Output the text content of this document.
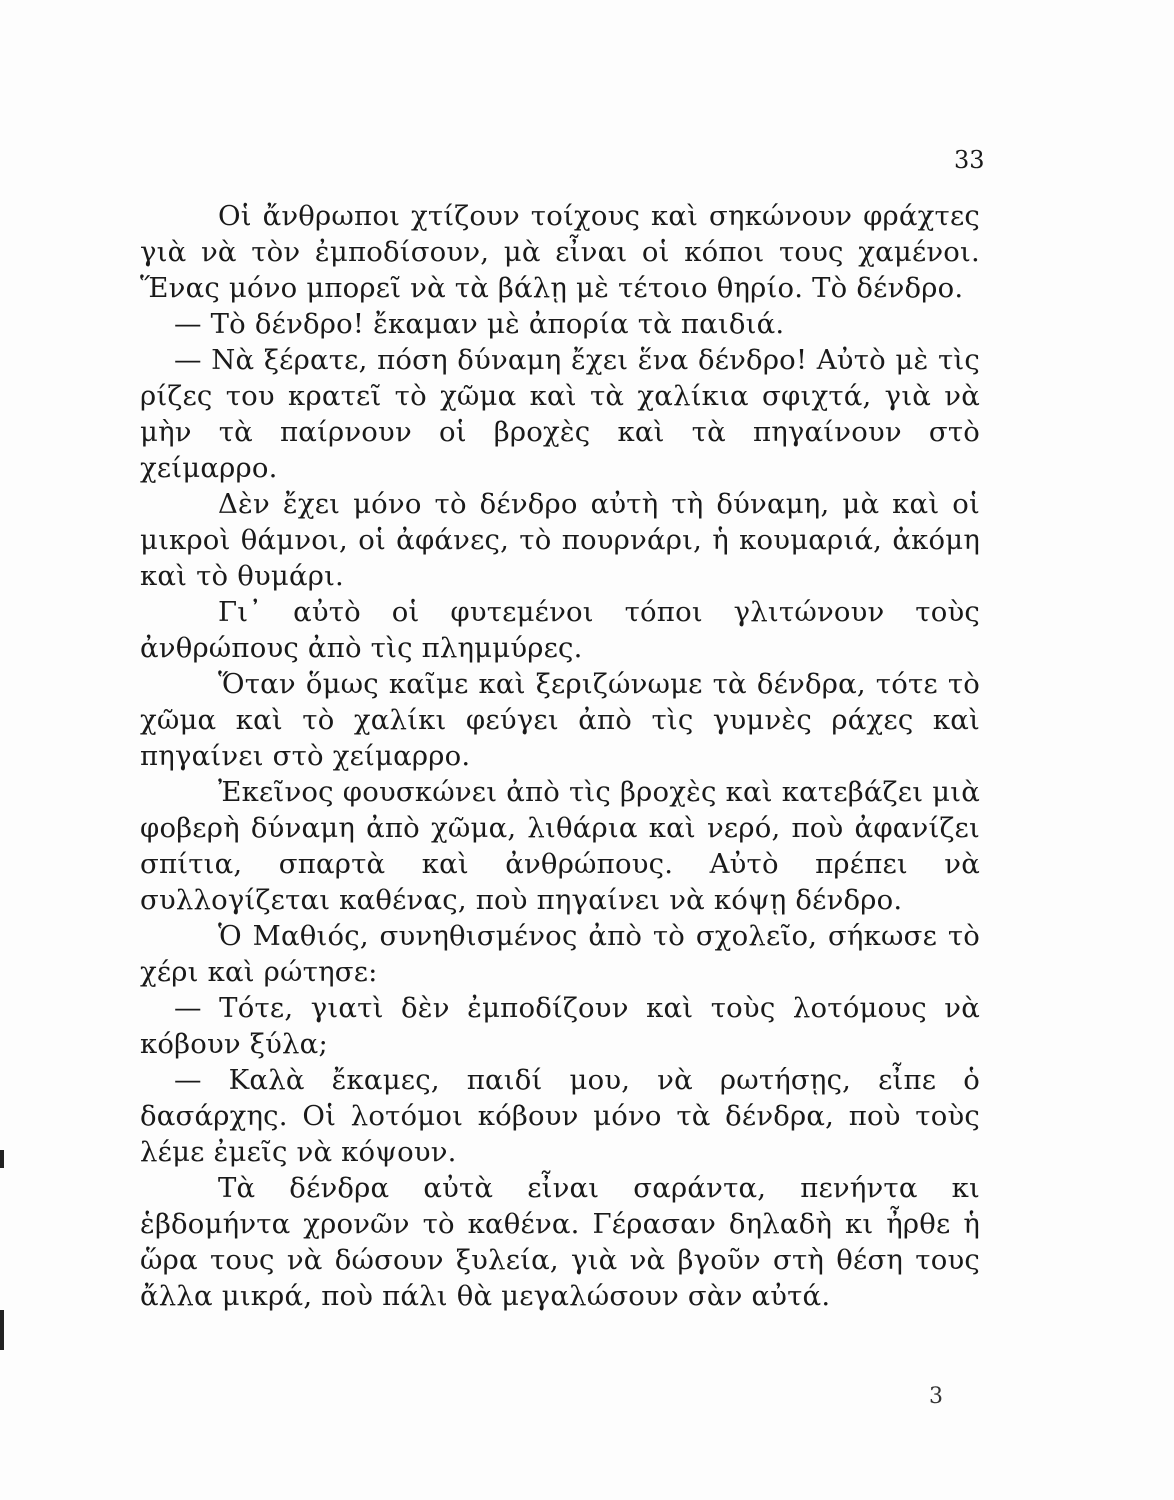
33

Οἱ ἄνθρωποι χτίζουν τοίχους καὶ σηκώνουν φράχτες γιὰ νὰ τὸν ἐμποδίσουν, μὰ εἶναι οἱ κόποι τους χαμένοι. Ἕνας μόνο μπορεῖ νὰ τὰ βάλῃ μὲ τέτοιο θηρίο. Τὸ δένδρο.

— Τὸ δένδρο! ἔκαμαν μὲ ἀπορία τὰ παιδιά.

— Νὰ ξέρατε, πόση δύναμη ἔχει ἕνα δένδρο! Αὐτὸ μὲ τὶς ρίζες του κρατεῖ τὸ χῶμα καὶ τὰ χαλίκια σφιχτά, γιὰ νὰ μὴν τὰ παίρνουν οἱ βροχὲς καὶ τὰ πηγαίνουν στὸ χείμαρρο.

Δὲν ἔχει μόνο τὸ δένδρο αὐτὴ τὴ δύναμη, μὰ καὶ οἱ μικροὶ θάμνοι, οἱ ἀφάνες, τὸ πουρνάρι, ἡ κουμαριά, ἀκόμη καὶ τὸ θυμάρι.

Γι᾿ αὐτὸ οἱ φυτεμένοι τόποι γλιτώνουν τοὺς ἀνθρώπους ἀπὸ τὶς πλημμύρες.

Ὅταν ὅμως καῖμε καὶ ξεριζώνωμε τὰ δένδρα, τότε τὸ χῶμα καὶ τὸ χαλίκι φεύγει ἀπὸ τὶς γυμνὲς ράχες καὶ πηγαίνει στὸ χείμαρρο.

Ἐκεῖνος φουσκώνει ἀπὸ τὶς βροχὲς καὶ κατεβάζει μιὰ φοβερὴ δύναμη ἀπὸ χῶμα, λιθάρια καὶ νερό, ποὺ ἀφανίζει σπίτια, σπαρτὰ καὶ ἀνθρώπους. Αὐτὸ πρέπει νὰ συλλογίζεται καθένας, ποὺ πηγαίνει νὰ κόψῃ δένδρο.

Ὁ Μαθιός, συνηθισμένος ἀπὸ τὸ σχολεῖο, σήκωσε τὸ χέρι καὶ ρώτησε:

— Τότε, γιατὶ δὲν ἐμποδίζουν καὶ τοὺς λοτόμους νὰ κόβουν ξύλα;

— Καλὰ ἔκαμες, παιδί μου, νὰ ρωτήσῃς, εἶπε ὁ δασάρχης. Οἱ λοτόμοι κόβουν μόνο τὰ δένδρα, ποὺ τοὺς λέμε ἐμεῖς νὰ κόψουν.

Τὰ δένδρα αὐτὰ εἶναι σαράντα, πενήντα κι ἑβδομήντα χρονῶν τὸ καθένα. Γέρασαν δηλαδὴ κι ἦρθε ἡ ὥρα τους νὰ δώσουν ξυλεία, γιὰ νὰ βγοῦν στὴ θέση τους ἄλλα μικρά, ποὺ πάλι θὰ μεγαλώσουν σὰν αὐτά.

3
